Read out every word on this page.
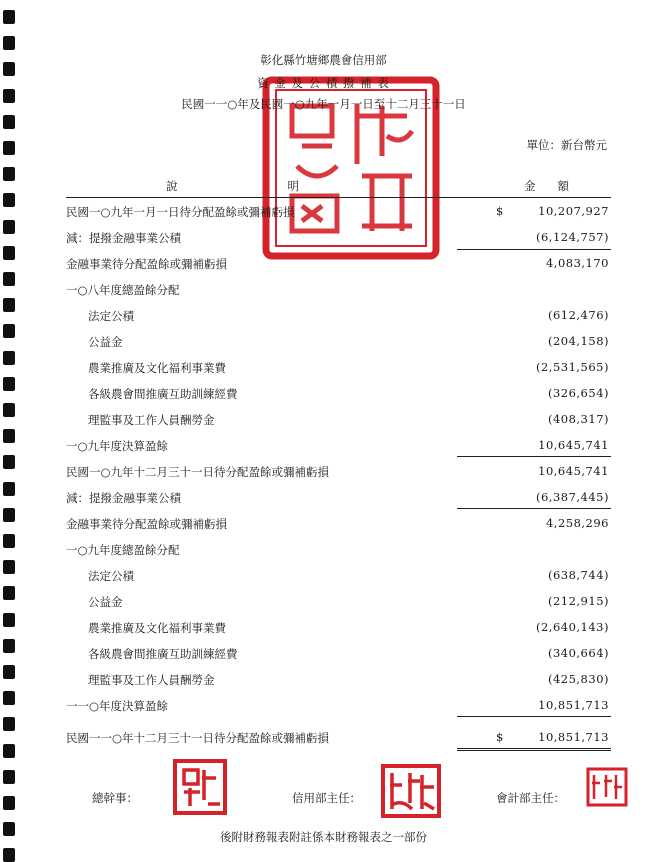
彰化縣竹塘鄉農會信用部
資 金 及 公 積 撥 補 表
民國一一○年及民國一○九年一月一日至十二月三十一日
單位：新台幣元
說明	金額
民國一○九年一月一日待分配盈餘或彌補虧損	$	10,207,927
減：提撥金融事業公積	(6,124,757)
金融事業待分配盈餘或彌補虧損	4,083,170
一○八年度總盈餘分配
法定公積	(612,476)
公益金	(204,158)
農業推廣及文化福利事業費	(2,531,565)
各級農會間推廣互助訓練經費	(326,654)
理監事及工作人員酬勞金	(408,317)
一○九年度決算盈餘	10,645,741
民國一○九年十二月三十一日待分配盈餘或彌補虧損	10,645,741
減：提撥金融事業公積	(6,387,445)
金融事業待分配盈餘或彌補虧損	4,258,296
一○九年度總盈餘分配
法定公積	(638,744)
公益金	(212,915)
農業推廣及文化福利事業費	(2,640,143)
各級農會間推廣互助訓練經費	(340,664)
理監事及工作人員酬勞金	(425,830)
一一○年度決算盈餘	10,851,713
民國一一○年十二月三十一日待分配盈餘或彌補虧損	$	10,851,713
總幹事：	信用部主任：	會計部主任：
後附財務報表附註係本財務報表之一部份
